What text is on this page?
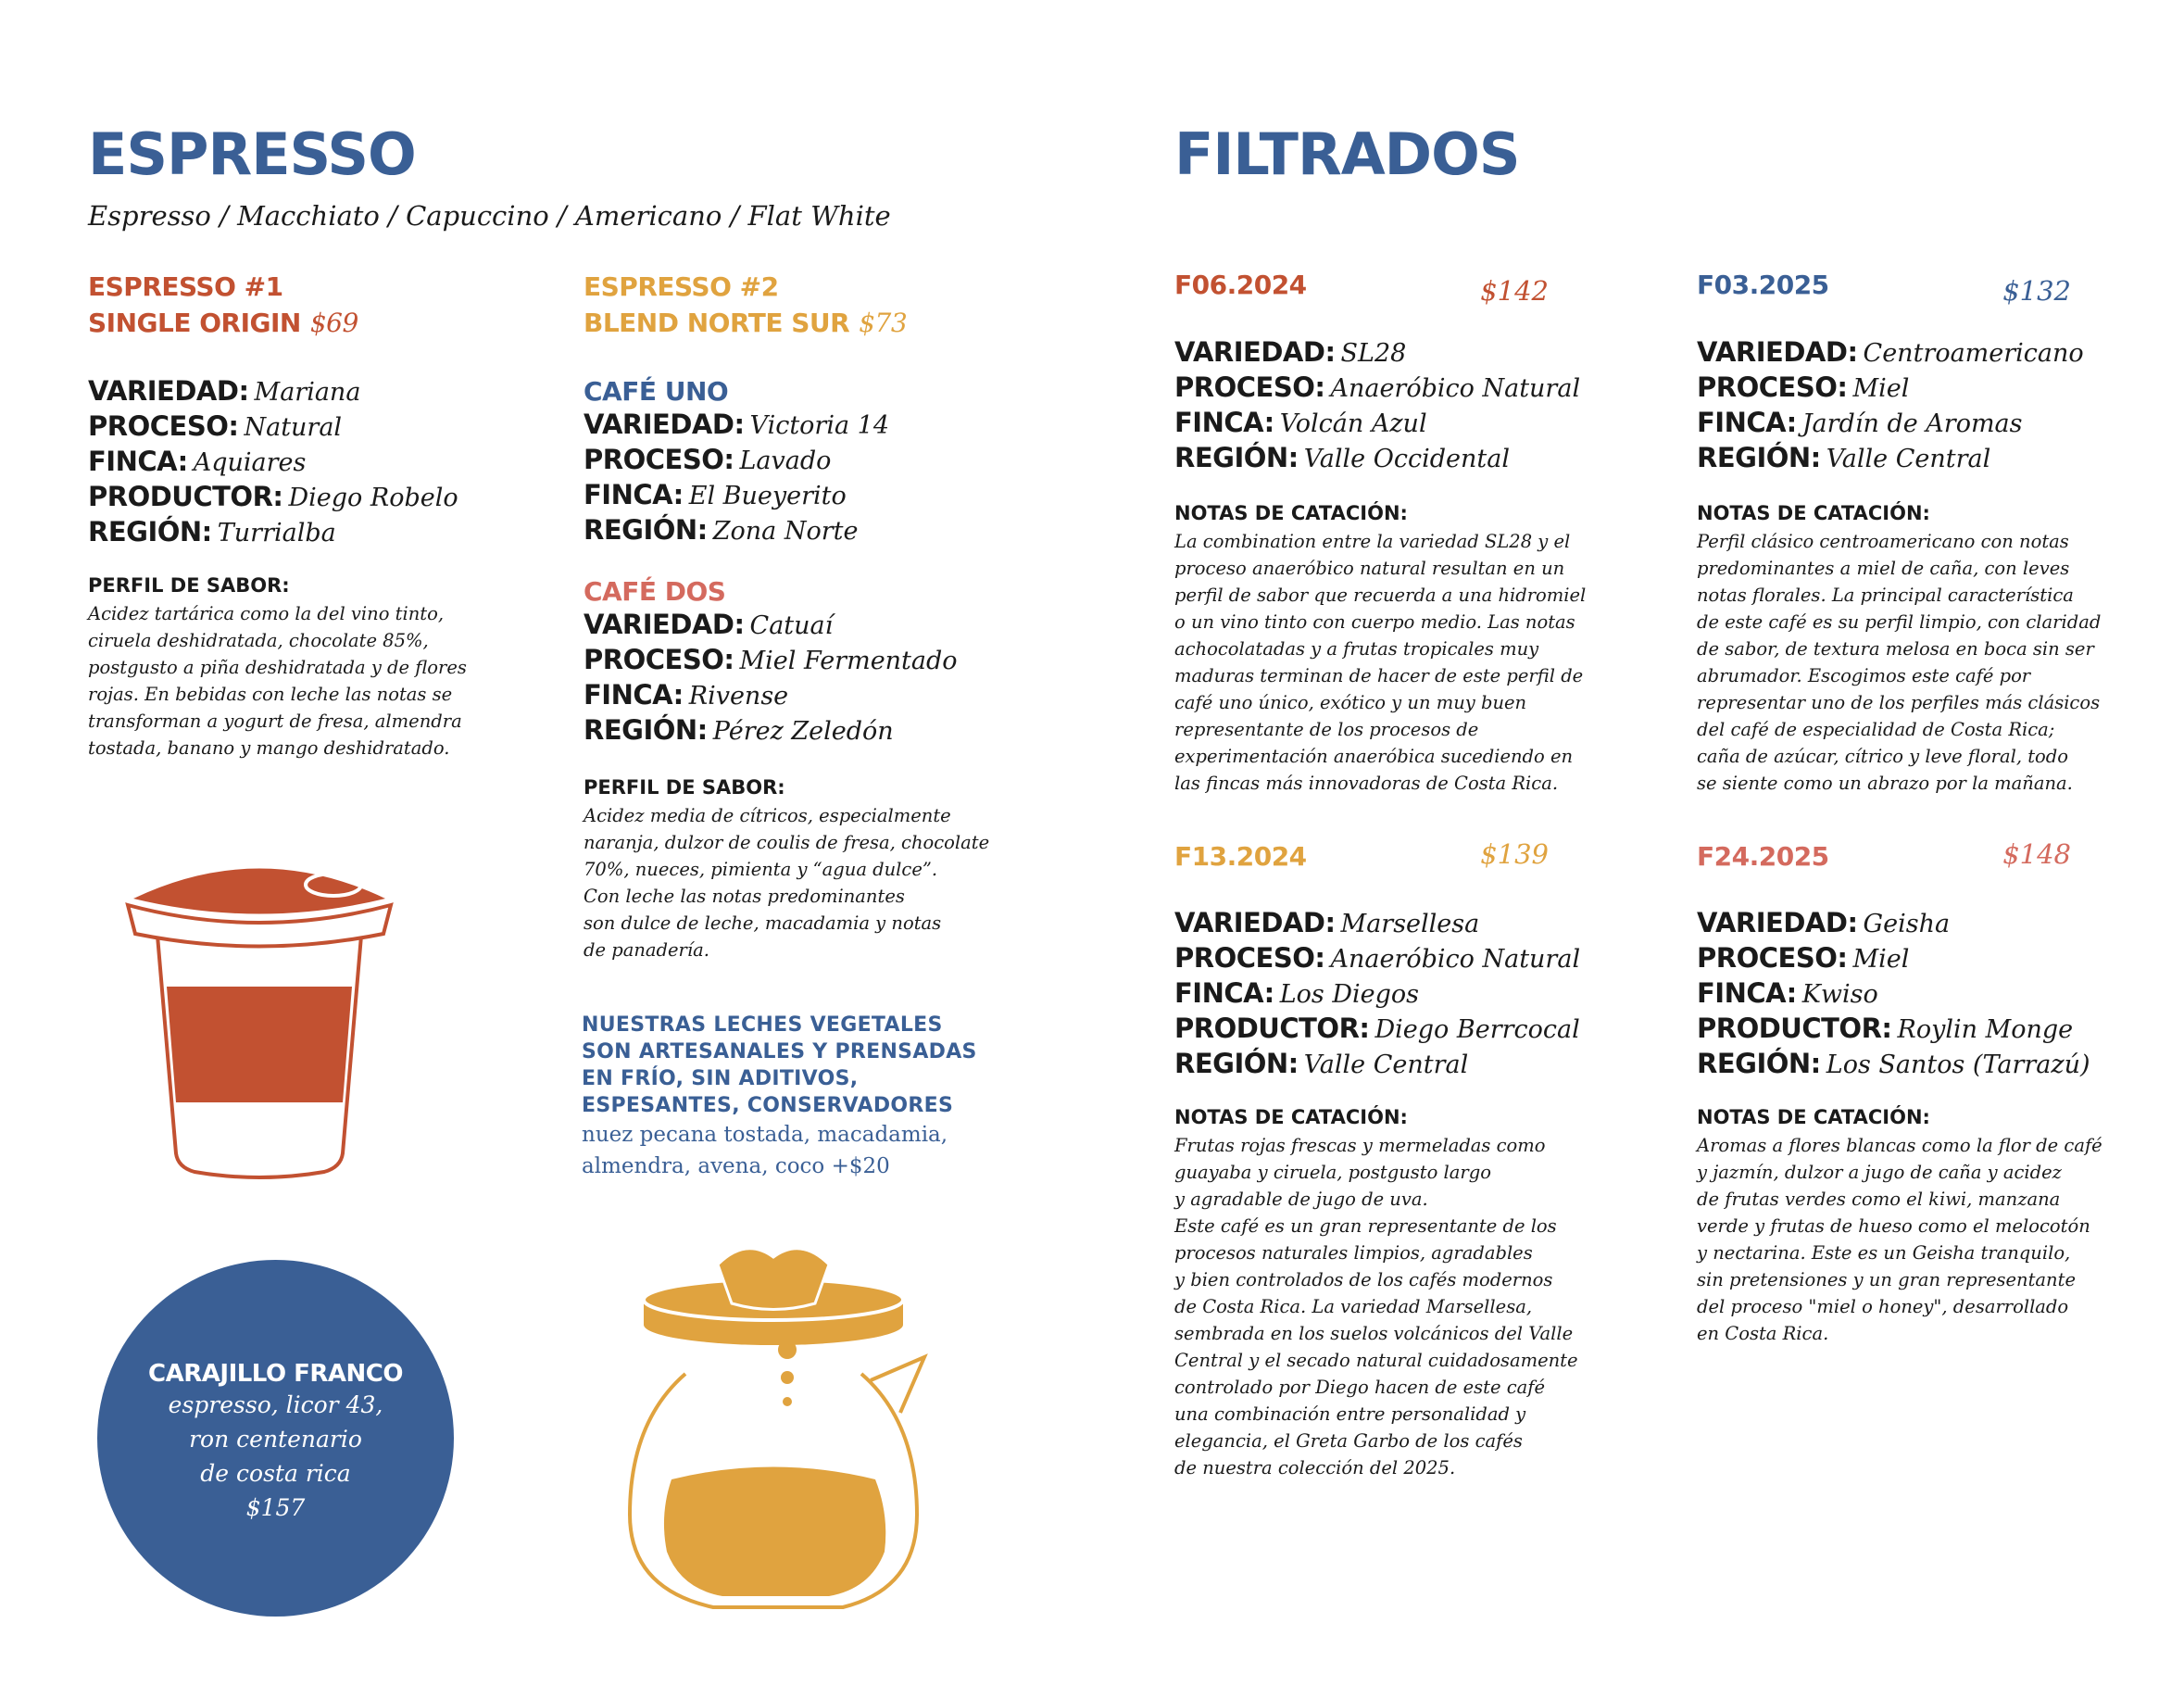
ESPRESSO
Espresso / Macchiato / Capuccino / Americano / Flat White
ESPRESSO #1
SINGLE ORIGIN $69
VARIEDAD: Mariana
PROCESO: Natural
FINCA: Aquiares
PRODUCTOR: Diego Robelo
REGIÓN: Turrialba
PERFIL DE SABOR:
Acidez tartárica como la del vino tinto,
ciruela deshidratada, chocolate 85%,
postgusto a piña deshidratada y de flores
rojas. En bebidas con leche las notas se
transforman a yogurt de fresa, almendra
tostada, banano y mango deshidratado.
CARAJILLO FRANCO
espresso, licor 43,
ron centenario
de costa rica
$157
ESPRESSO #2
BLEND NORTE SUR $73
CAFÉ UNO
VARIEDAD: Victoria 14
PROCESO: Lavado
FINCA: El Bueyerito
REGIÓN: Zona Norte
CAFÉ DOS
VARIEDAD: Catuaí
PROCESO: Miel Fermentado
FINCA: Rivense
REGIÓN: Pérez Zeledón
PERFIL DE SABOR:
Acidez media de cítricos, especialmente
naranja, dulzor de coulis de fresa, chocolate
70%, nueces, pimienta y “agua dulce”.
Con leche las notas predominantes
son dulce de leche, macadamia y notas
de panadería.
NUESTRAS LECHES VEGETALES
SON ARTESANALES Y PRENSADAS
EN FRÍO, SIN ADITIVOS,
ESPESANTES, CONSERVADORES
nuez pecana tostada, macadamia,
almendra, avena, coco +$20
FILTRADOS
F06.2024	$142
VARIEDAD: SL28
PROCESO: Anaeróbico Natural
FINCA: Volcán Azul
REGIÓN: Valle Occidental
NOTAS DE CATACIÓN:
La combination entre la variedad SL28 y el
proceso anaeróbico natural resultan en un
perfil de sabor que recuerda a una hidromiel
o un vino tinto con cuerpo medio. Las notas
achocolatadas y a frutas tropicales muy
maduras terminan de hacer de este perfil de
café uno único, exótico y un muy buen
representante de los procesos de
experimentación anaeróbica sucediendo en
las fincas más innovadoras de Costa Rica.
F03.2025	$132
VARIEDAD: Centroamericano
PROCESO: Miel
FINCA: Jardín de Aromas
REGIÓN: Valle Central
NOTAS DE CATACIÓN:
Perfil clásico centroamericano con notas
predominantes a miel de caña, con leves
notas florales. La principal característica
de este café es su perfil limpio, con claridad
de sabor, de textura melosa en boca sin ser
abrumador. Escogimos este café por
representar uno de los perfiles más clásicos
del café de especialidad de Costa Rica;
caña de azúcar, cítrico y leve floral, todo
se siente como un abrazo por la mañana.
F13.2024	$139
VARIEDAD: Marsellesa
PROCESO: Anaeróbico Natural
FINCA: Los Diegos
PRODUCTOR: Diego Berrcocal
REGIÓN: Valle Central
NOTAS DE CATACIÓN:
Frutas rojas frescas y mermeladas como
guayaba y ciruela, postgusto largo
y agradable de jugo de uva.
Este café es un gran representante de los
procesos naturales limpios, agradables
y bien controlados de los cafés modernos
de Costa Rica. La variedad Marsellesa,
sembrada en los suelos volcánicos del Valle
Central y el secado natural cuidadosamente
controlado por Diego hacen de este café
una combinación entre personalidad y
elegancia, el Greta Garbo de los cafés
de nuestra colección del 2025.
F24.2025	$148
VARIEDAD: Geisha
PROCESO: Miel
FINCA: Kwiso
PRODUCTOR: Roylin Monge
REGIÓN: Los Santos (Tarrazú)
NOTAS DE CATACIÓN:
Aromas a flores blancas como la flor de café
y jazmín, dulzor a jugo de caña y acidez
de frutas verdes como el kiwi, manzana
verde y frutas de hueso como el melocotón
y nectarina. Este es un Geisha tranquilo,
sin pretensiones y un gran representante
del proceso "miel o honey", desarrollado
en Costa Rica.
